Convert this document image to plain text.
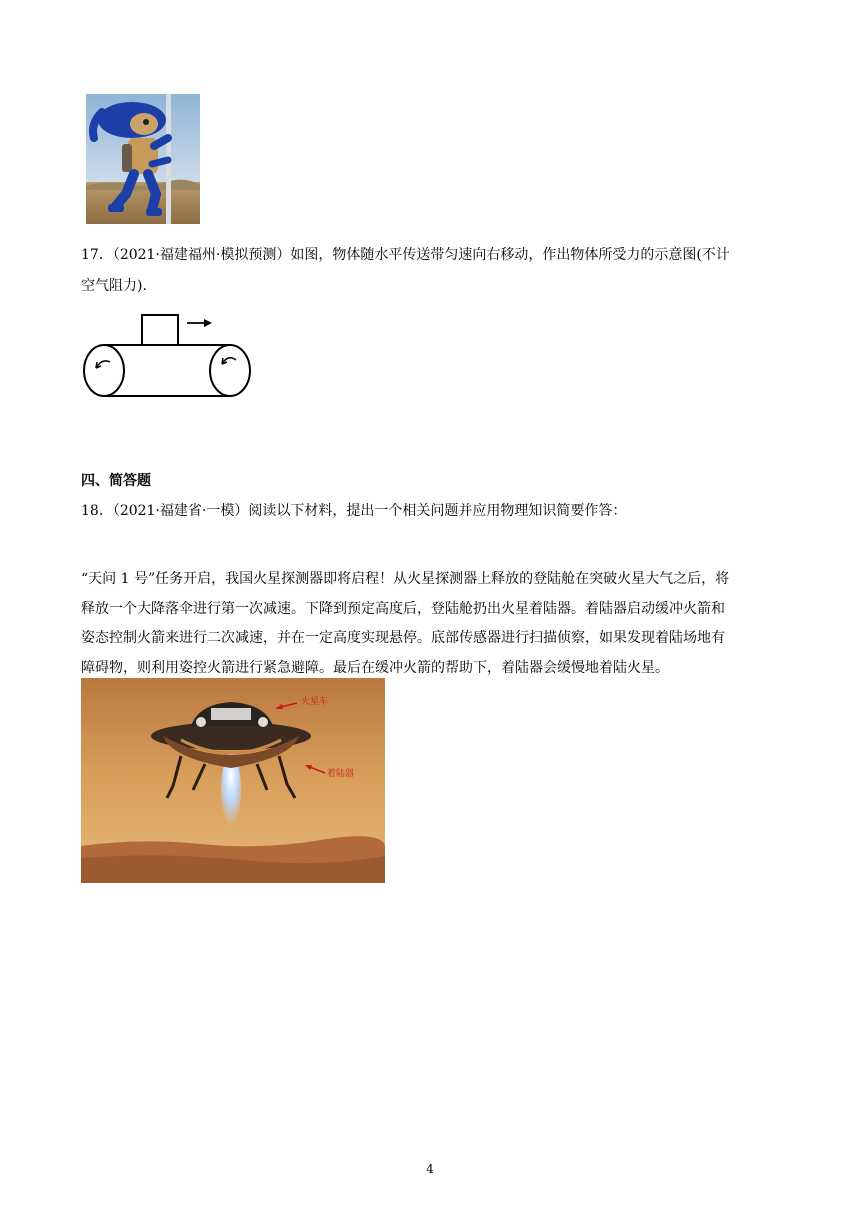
17．（2021·福建福州·模拟预测）如图，物体随水平传送带匀速向右移动，作出物体所受力的示意图(不计
空气阻力).
四、简答题
18．（2021·福建省·一模）阅读以下材料，提出一个相关问题并应用物理知识简要作答：
“天问 1 号”任务开启，我国火星探测器即将启程！从火星探测器上释放的登陆舱在突破火星大气之后，将
释放一个大降落伞进行第一次减速。下降到预定高度后，登陆舱扔出火星着陆器。着陆器启动缓冲火箭和
姿态控制火箭来进行二次减速，并在一定高度实现悬停。底部传感器进行扫描侦察，如果发现着陆场地有
障碍物，则利用姿控火箭进行紧急避障。最后在缓冲火箭的帮助下，着陆器会缓慢地着陆火星。
火星车
着陆器
4
